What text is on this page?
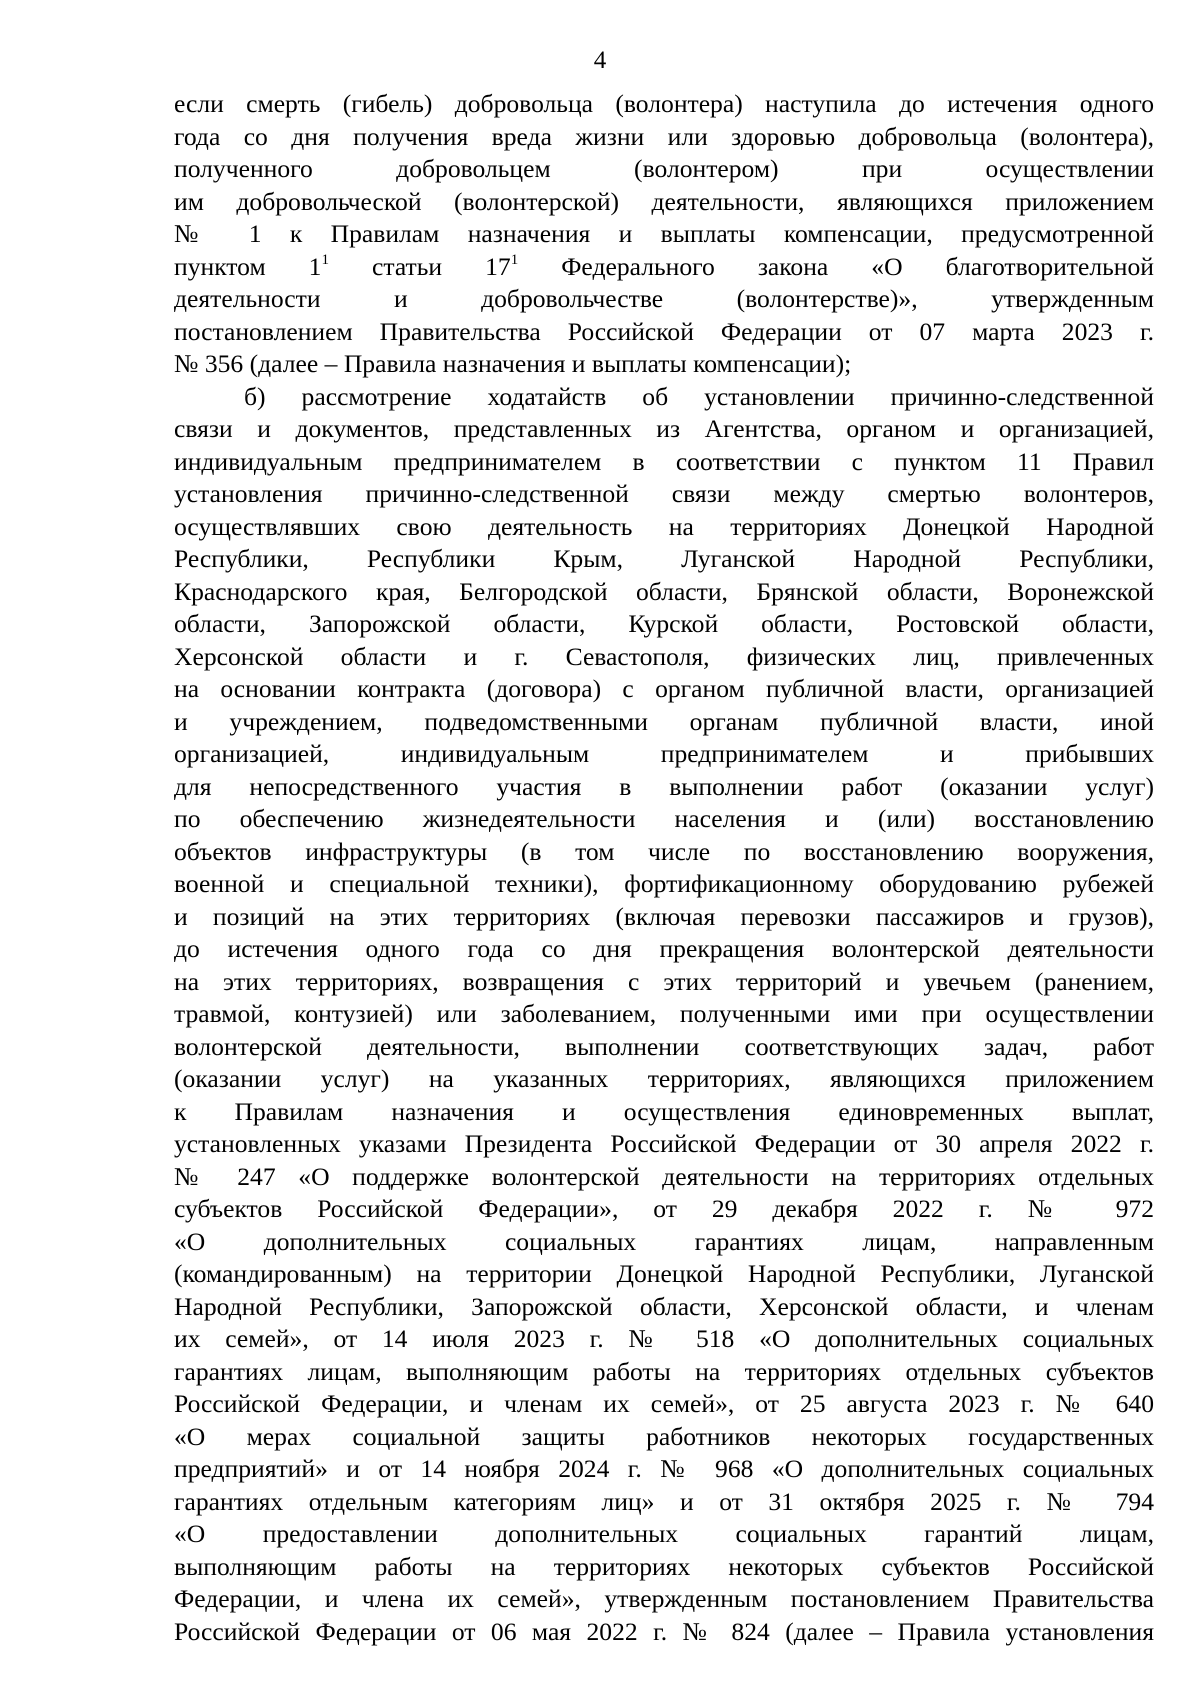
4
если смерть (гибель) добровольца (волонтера) наступила до истечения одного
года со дня получения вреда жизни или здоровью добровольца (волонтера),
полученного добровольцем (волонтером) при осуществлении
им добровольческой (волонтерской) деятельности, являющихся приложением
№ 1 к Правилам назначения и выплаты компенсации, предусмотренной
пунктом $1^1$ статьи $17^1$ Федерального закона «О благотворительной
деятельности и добровольчестве (волонтерстве)», утвержденным
постановлением Правительства Российской Федерации от 07 марта 2023 г.
№ 356 (далее – Правила назначения и выплаты компенсации);
б) рассмотрение ходатайств об установлении причинно-следственной
связи и документов, представленных из Агентства, органом и организацией,
индивидуальным предпринимателем в соответствии с пунктом 11 Правил
установления причинно-следственной связи между смертью волонтеров,
осуществлявших свою деятельность на территориях Донецкой Народной
Республики, Республики Крым, Луганской Народной Республики,
Краснодарского края, Белгородской области, Брянской области, Воронежской
области, Запорожской области, Курской области, Ростовской области,
Херсонской области и г. Севастополя, физических лиц, привлеченных
на основании контракта (договора) с органом публичной власти, организацией
и учреждением, подведомственными органам публичной власти, иной
организацией, индивидуальным предпринимателем и прибывших
для непосредственного участия в выполнении работ (оказании услуг)
по обеспечению жизнедеятельности населения и (или) восстановлению
объектов инфраструктуры (в том числе по восстановлению вооружения,
военной и специальной техники), фортификационному оборудованию рубежей
и позиций на этих территориях (включая перевозки пассажиров и грузов),
до истечения одного года со дня прекращения волонтерской деятельности
на этих территориях, возвращения с этих территорий и увечьем (ранением,
травмой, контузией) или заболеванием, полученными ими при осуществлении
волонтерской деятельности, выполнении соответствующих задач, работ
(оказании услуг) на указанных территориях, являющихся приложением
к Правилам назначения и осуществления единовременных выплат,
установленных указами Президента Российской Федерации от 30 апреля 2022 г.
№ 247 «О поддержке волонтерской деятельности на территориях отдельных
субъектов Российской Федерации», от 29 декабря 2022 г. № 972
«О дополнительных социальных гарантиях лицам, направленным
(командированным) на территории Донецкой Народной Республики, Луганской
Народной Республики, Запорожской области, Херсонской области, и членам
их семей», от 14 июля 2023 г. № 518 «О дополнительных социальных
гарантиях лицам, выполняющим работы на территориях отдельных субъектов
Российской Федерации, и членам их семей», от 25 августа 2023 г. № 640
«О мерах социальной защиты работников некоторых государственных
предприятий» и от 14 ноября 2024 г. № 968 «О дополнительных социальных
гарантиях отдельным категориям лиц» и от 31 октября 2025 г. № 794
«О предоставлении дополнительных социальных гарантий лицам,
выполняющим работы на территориях некоторых субъектов Российской
Федерации, и члена их семей», утвержденным постановлением Правительства
Российской Федерации от 06 мая 2022 г. № 824 (далее – Правила установления
